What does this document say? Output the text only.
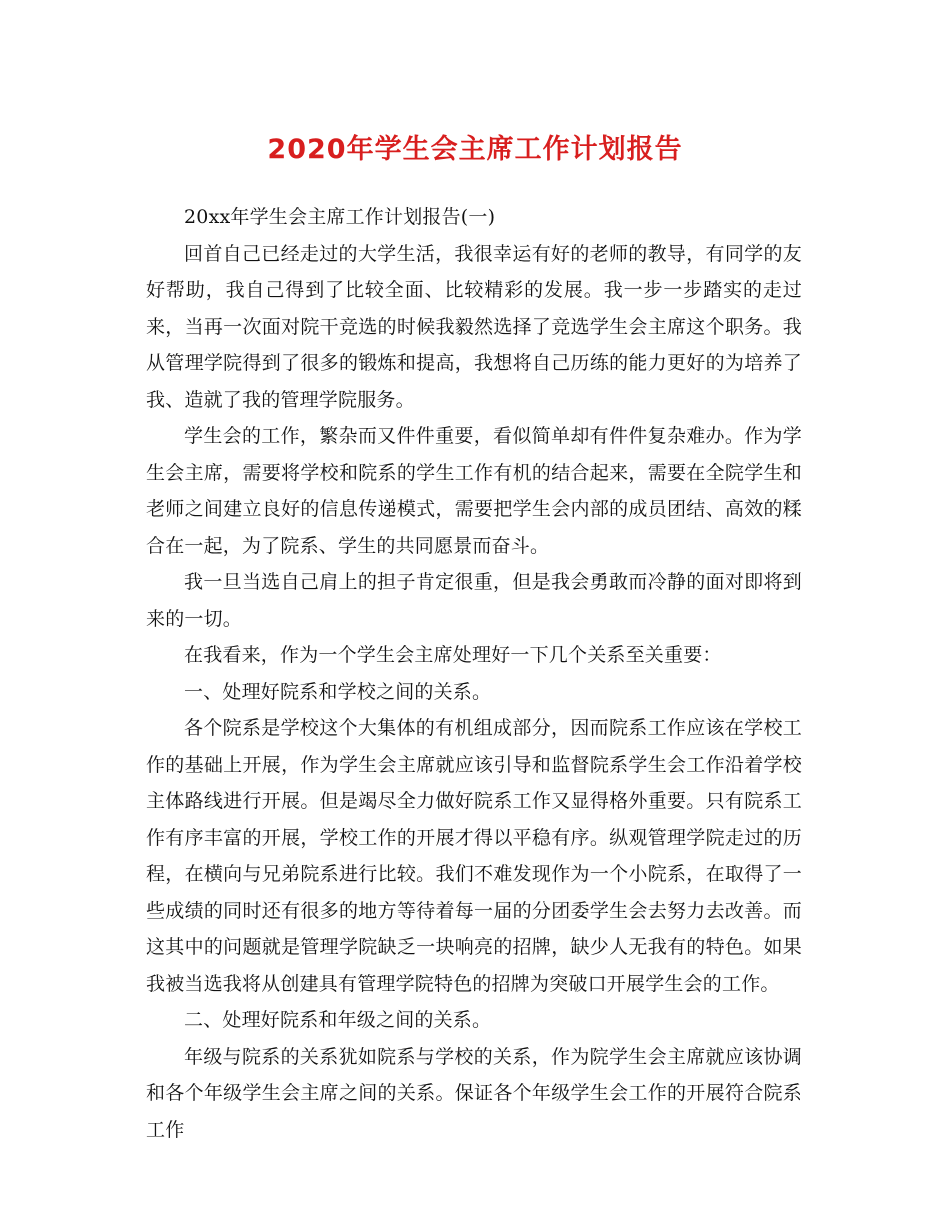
2020年学生会主席工作计划报告

20xx年学生会主席工作计划报告(一)

回首自己已经走过的大学生活，我很幸运有好的老师的教导，有同学的友好帮助，我自己得到了比较全面、比较精彩的发展。我一步一步踏实的走过来，当再一次面对院干竞选的时候我毅然选择了竞选学生会主席这个职务。我从管理学院得到了很多的锻炼和提高，我想将自己历练的能力更好的为培养了我、造就了我的管理学院服务。

学生会的工作，繁杂而又件件重要，看似简单却有件件复杂难办。作为学生会主席，需要将学校和院系的学生工作有机的结合起来，需要在全院学生和老师之间建立良好的信息传递模式，需要把学生会内部的成员团结、高效的糅合在一起，为了院系、学生的共同愿景而奋斗。

我一旦当选自己肩上的担子肯定很重，但是我会勇敢而冷静的面对即将到来的一切。

在我看来，作为一个学生会主席处理好一下几个关系至关重要：

一、处理好院系和学校之间的关系。

各个院系是学校这个大集体的有机组成部分，因而院系工作应该在学校工作的基础上开展，作为学生会主席就应该引导和监督院系学生会工作沿着学校主体路线进行开展。但是竭尽全力做好院系工作又显得格外重要。只有院系工作有序丰富的开展，学校工作的开展才得以平稳有序。纵观管理学院走过的历程，在横向与兄弟院系进行比较。我们不难发现作为一个小院系，在取得了一些成绩的同时还有很多的地方等待着每一届的分团委学生会去努力去改善。而这其中的问题就是管理学院缺乏一块响亮的招牌，缺少人无我有的特色。如果我被当选我将从创建具有管理学院特色的招牌为突破口开展学生会的工作。

二、处理好院系和年级之间的关系。

年级与院系的关系犹如院系与学校的关系，作为院学生会主席就应该协调和各个年级学生会主席之间的关系。保证各个年级学生会工作的开展符合院系工作
